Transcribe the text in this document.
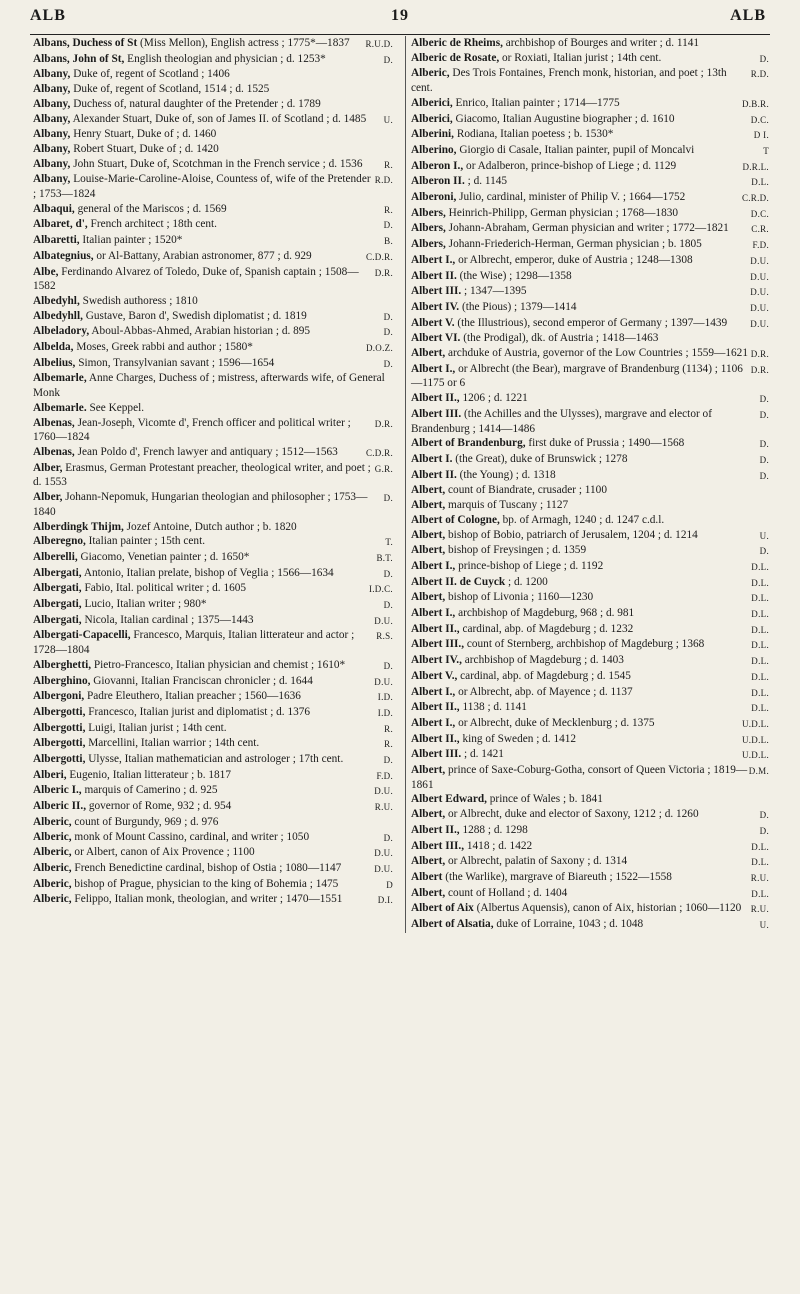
ALB	19	ALB
R.U.D.
Albans, Duchess of St (Miss Mellon), English actress ; 1775*—1837
D.
Albans, John of St, English theologian and physician ; d. 1253*
Albany, Duke of, regent of Scotland ; 1406
Albany, Duke of, regent of Scotland, 1514 ; d. 1525
Albany, Duchess of, natural daughter of the Pretender ; d. 1789
U.
Albany, Alexander Stuart, Duke of, son of James II. of Scotland ; d. 1485
Albany, Henry Stuart, Duke of ; d. 1460
Albany, Robert Stuart, Duke of ; d. 1420
R.
Albany, John Stuart, Duke of, Scotchman in the French service ; d. 1536
R.D.
Albany, Louise-Marie-Caroline-Aloise, Countess of, wife of the Pretender ; 1753—1824
R.
Albaqui, general of the Mariscos ; d. 1569
D.
Albaret, d', French architect ; 18th cent.
B.
Albaretti, Italian painter ; 1520*
C.D.R.
Albategnius, or Al-Battany, Arabian astronomer, 877 ; d. 929
D.R.
Albe, Ferdinando Alvarez of Toledo, Duke of, Spanish captain ; 1508—1582
Albedyhl, Swedish authoress ; 1810
D.
Albedyhll, Gustave, Baron d', Swedish diplomatist ; d. 1819
D.
Albeladory, Aboul-Abbas-Ahmed, Arabian historian ; d. 895
D.O.Z.
Albelda, Moses, Greek rabbi and author ; 1580*
D.
Albelius, Simon, Transylvanian savant ; 1596—1654
Albemarle, Anne Charges, Duchess of ; mistress, afterwards wife, of General Monk
Albemarle. See Keppel.
D.R.
Albenas, Jean-Joseph, Vicomte d', French officer and political writer ; 1760—1824
C.D.R.
Albenas, Jean Poldo d', French lawyer and antiquary ; 1512—1563
G.R.
Alber, Erasmus, German Protestant preacher, theological writer, and poet ; d. 1553
D.
Alber, Johann-Nepomuk, Hungarian theologian and philosopher ; 1753—1840
Alberdingk Thijm, Jozef Antoine, Dutch author ; b. 1820
T.
Alberegno, Italian painter ; 15th cent.
B.T.
Alberelli, Giacomo, Venetian painter ; d. 1650*
D.
Albergati, Antonio, Italian prelate, bishop of Veglia ; 1566—1634
I.D.C.
Albergati, Fabio, Ital. political writer ; d. 1605
D.
Albergati, Lucio, Italian writer ; 980*
D.U.
Albergati, Nicola, Italian cardinal ; 1375—1443
R.S.
Albergati-Capacelli, Francesco, Marquis, Italian litterateur and actor ; 1728—1804
D.
Alberghetti, Pietro-Francesco, Italian physician and chemist ; 1610*
D.U.
Alberghino, Giovanni, Italian Franciscan chronicler ; d. 1644
I.D.
Albergoni, Padre Eleuthero, Italian preacher ; 1560—1636
I.D.
Albergotti, Francesco, Italian jurist and diplomatist ; d. 1376
R.
Albergotti, Luigi, Italian jurist ; 14th cent.
R.
Albergotti, Marcellini, Italian warrior ; 14th cent.
D.
Albergotti, Ulysse, Italian mathematician and astrologer ; 17th cent.
F.D.
Alberi, Eugenio, Italian litterateur ; b. 1817
D.U.
Alberic I., marquis of Camerino ; d. 925
R.U.
Alberic II., governor of Rome, 932 ; d. 954
Alberic, count of Burgundy, 969 ; d. 976
D.
Alberic, monk of Mount Cassino, cardinal, and writer ; 1050
D.U.
Alberic, or Albert, canon of Aix Provence ; 1100
D.U.
Alberic, French Benedictine cardinal, bishop of Ostia ; 1080—1147
D
Alberic, bishop of Prague, physician to the king of Bohemia ; 1475
D.I.
Alberic, Felippo, Italian monk, theologian, and writer ; 1470—1551
Alberic de Rheims, archbishop of Bourges and writer ; d. 1141
D.
Alberic de Rosate, or Roxiati, Italian jurist ; 14th cent.
R.D.
Alberic, Des Trois Fontaines, French monk, historian, and poet ; 13th cent.
D.B.R.
Alberici, Enrico, Italian painter ; 1714—1775
D.C.
Alberici, Giacomo, Italian Augustine biographer ; d. 1610
D I.
Alberini, Rodiana, Italian poetess ; b. 1530*
T
Alberino, Giorgio di Casale, Italian painter, pupil of Moncalvi
D.R.L.
Alberon I., or Adalberon, prince-bishop of Liege ; d. 1129
D.L.
Alberon II. ; d. 1145
C.R.D.
Alberoni, Julio, cardinal, minister of Philip V. ; 1664—1752
D.C.
Albers, Heinrich-Philipp, German physician ; 1768—1830
C.R.
Albers, Johann-Abraham, German physician and writer ; 1772—1821
F.D.
Albers, Johann-Friederich-Herman, German physician ; b. 1805
D.U.
Albert I., or Albrecht, emperor, duke of Austria ; 1248—1308
D.U.
Albert II. (the Wise) ; 1298—1358
D.U.
Albert III. ; 1347—1395
D.U.
Albert IV. (the Pious) ; 1379—1414
D.U.
Albert V. (the Illustrious), second emperor of Germany ; 1397—1439
Albert VI. (the Prodigal), dk. of Austria ; 1418—1463
D.R.
Albert, archduke of Austria, governor of the Low Countries ; 1559—1621
D.R.
Albert I., or Albrecht (the Bear), margrave of Brandenburg (1134) ; 1106—1175 or 6
D.
Albert II., 1206 ; d. 1221
D.
Albert III. (the Achilles and the Ulysses), margrave and elector of Brandenburg ; 1414—1486
D.
Albert of Brandenburg, first duke of Prussia ; 1490—1568
D.
Albert I. (the Great), duke of Brunswick ; 1278
D.
Albert II. (the Young) ; d. 1318
Albert, count of Biandrate, crusader ; 1100
Albert, marquis of Tuscany ; 1127
Albert of Cologne, bp. of Armagh, 1240 ; d. 1247 c.d.l.
U.
Albert, bishop of Bobio, patriarch of Jerusalem, 1204 ; d. 1214
D.
Albert, bishop of Freysingen ; d. 1359
D.L.
Albert I., prince-bishop of Liege ; d. 1192
D.L.
Albert II. de Cuyck ; d. 1200
D.L.
Albert, bishop of Livonia ; 1160—1230
D.L.
Albert I., archbishop of Magdeburg, 968 ; d. 981
D.L.
Albert II., cardinal, abp. of Magdeburg ; d. 1232
D.L.
Albert III., count of Sternberg, archbishop of Magdeburg ; 1368
D.L.
Albert IV., archbishop of Magdeburg ; d. 1403
D.L.
Albert V., cardinal, abp. of Magdeburg ; d. 1545
D.L.
Albert I., or Albrecht, abp. of Mayence ; d. 1137
D.L.
Albert II., 1138 ; d. 1141
U.D.L.
Albert I., or Albrecht, duke of Mecklenburg ; d. 1375
U.D.L.
Albert II., king of Sweden ; d. 1412
U.D.L.
Albert III. ; d. 1421
D.M.
Albert, prince of Saxe-Coburg-Gotha, consort of Queen Victoria ; 1819—1861
Albert Edward, prince of Wales ; b. 1841
D.
Albert, or Albrecht, duke and elector of Saxony, 1212 ; d. 1260
D.
Albert II., 1288 ; d. 1298
D.L.
Albert III., 1418 ; d. 1422
D.L.
Albert, or Albrecht, palatin of Saxony ; d. 1314
R.U.
Albert (the Warlike), margrave of Biareuth ; 1522—1558
D.L.
Albert, count of Holland ; d. 1404
R.U.
Albert of Aix (Albertus Aquensis), canon of Aix, historian ; 1060—1120
U.
Albert of Alsatia, duke of Lorraine, 1043 ; d. 1048
